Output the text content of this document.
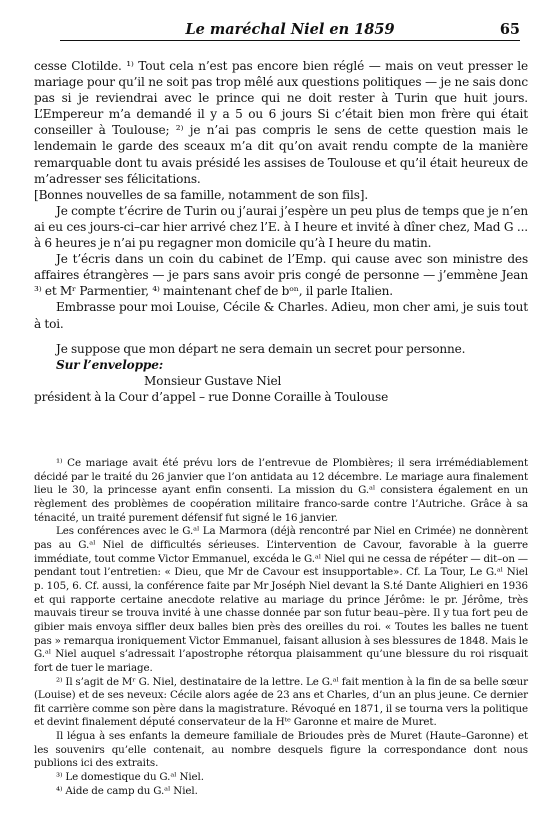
Le maréchal Niel en 1859	65

cesse Clotilde. ¹⁾ Tout cela n’est pas encore bien réglé — mais on veut presser le mariage pour qu’il ne soit pas trop mêlé aux questions politiques — je ne sais donc pas si je reviendrai avec le prince qui ne doit rester à Turin que huit jours. L’Empereur m’a demandé il y a 5 ou 6 jours Si c’était bien mon frère qui était conseiller à Toulouse; ²⁾ je n’ai pas compris le sens de cette question mais le lendemain le garde des sceaux m’a dit qu’on avait rendu compte de la manière remarquable dont tu avais présidé les assises de Toulouse et qu’il était heureux de m’adresser ses félicitations.

[Bonnes nouvelles de sa famille, notamment de son fils].

Je compte t’écrire de Turin ou j’aurai j’espère un peu plus de temps que je n’en ai eu ces jours-ci–car hier arrivé chez l’E. à I heure et invité à dîner chez, Mad G ... à 6 heures je n’ai pu regagner mon domicile qu’à I heure du matin.

Je t’écris dans un coin du cabinet de l’Emp. qui cause avec son ministre des affaires étrangères — je pars sans avoir pris congé de personne — j’emmène Jean ³⁾ et Mʳ Parmentier, ⁴⁾ maintenant chef de bᵒⁿ, il parle Italien.

Embrasse pour moi Louise, Cécile & Charles. Adieu, mon cher ami, je suis tout à toi.

Je suppose que mon départ ne sera demain un secret pour personne.

Sur l’enveloppe:

Monsieur Gustave Niel

président à la Cour d’appel – rue Donne Coraille à Toulouse

¹⁾ Ce mariage avait été prévu lors de l’entrevue de Plombières; il sera irrémédiablement décidé par le traité du 26 janvier que l’on antidata au 12 décembre. Le mariage aura finalement lieu le 30, la princesse ayant enfin consenti. La mission du G.ᵃˡ consistera également en un règlement des problèmes de coopération militaire franco-sarde contre l’Autriche. Grâce à sa ténacité, un traité purement défensif fut signé le 16 janvier.

Les conférences avec le G.ᵃˡ La Marmora (déjà rencontré par Niel en Crimée) ne donnèrent pas au G.ᵃˡ Niel de difficultés sérieuses. L’intervention de Cavour, favorable à la guerre immédiate, tout comme Victor Emmanuel, excéda le G.ᵃˡ Niel qui ne cessa de répéter — dit–on — pendant tout l’entretien: « Dieu, que Mr de Cavour est insupportable». Cf. La Tour, Le G.ᵃˡ Niel p. 105, 6. Cf. aussi, la conférence faite par Mr Joséph Niel devant la S.té Dante Alighieri en 1936 et qui rapporte certaine anecdote relative au mariage du prince Jérôme: le pr. Jérôme, très mauvais tireur se trouva invité à une chasse donnée par son futur beau–père. Il y tua fort peu de gibier mais envoya siffler deux balles bien près des oreilles du roi. « Toutes les balles ne tuent pas » remarqua ironiquement Victor Emmanuel, faisant allusion à ses blessures de 1848. Mais le G.ᵃˡ Niel auquel s’adressait l’apostrophe rétorqua plaisamment qu’une blessure du roi risquait fort de tuer le mariage.

²⁾ Il s’agit de Mʳ G. Niel, destinataire de la lettre. Le G.ᵃˡ fait mention à la fin de sa belle sœur (Louise) et de ses neveux: Cécile alors agée de 23 ans et Charles, d’un an plus jeune. Ce dernier fit carrière comme son père dans la magistrature. Révoqué en 1871, il se tourna vers la politique et devint finalement député conservateur de la Hᵗᵉ Garonne et maire de Muret.

Il légua à ses enfants la demeure familiale de Brioudes près de Muret (Haute–Garonne) et les souvenirs qu’elle contenait, au nombre desquels figure la correspondance dont nous publions ici des extraits.

³⁾ Le domestique du G.ᵃˡ Niel.

⁴⁾ Aide de camp du G.ᵃˡ Niel.
